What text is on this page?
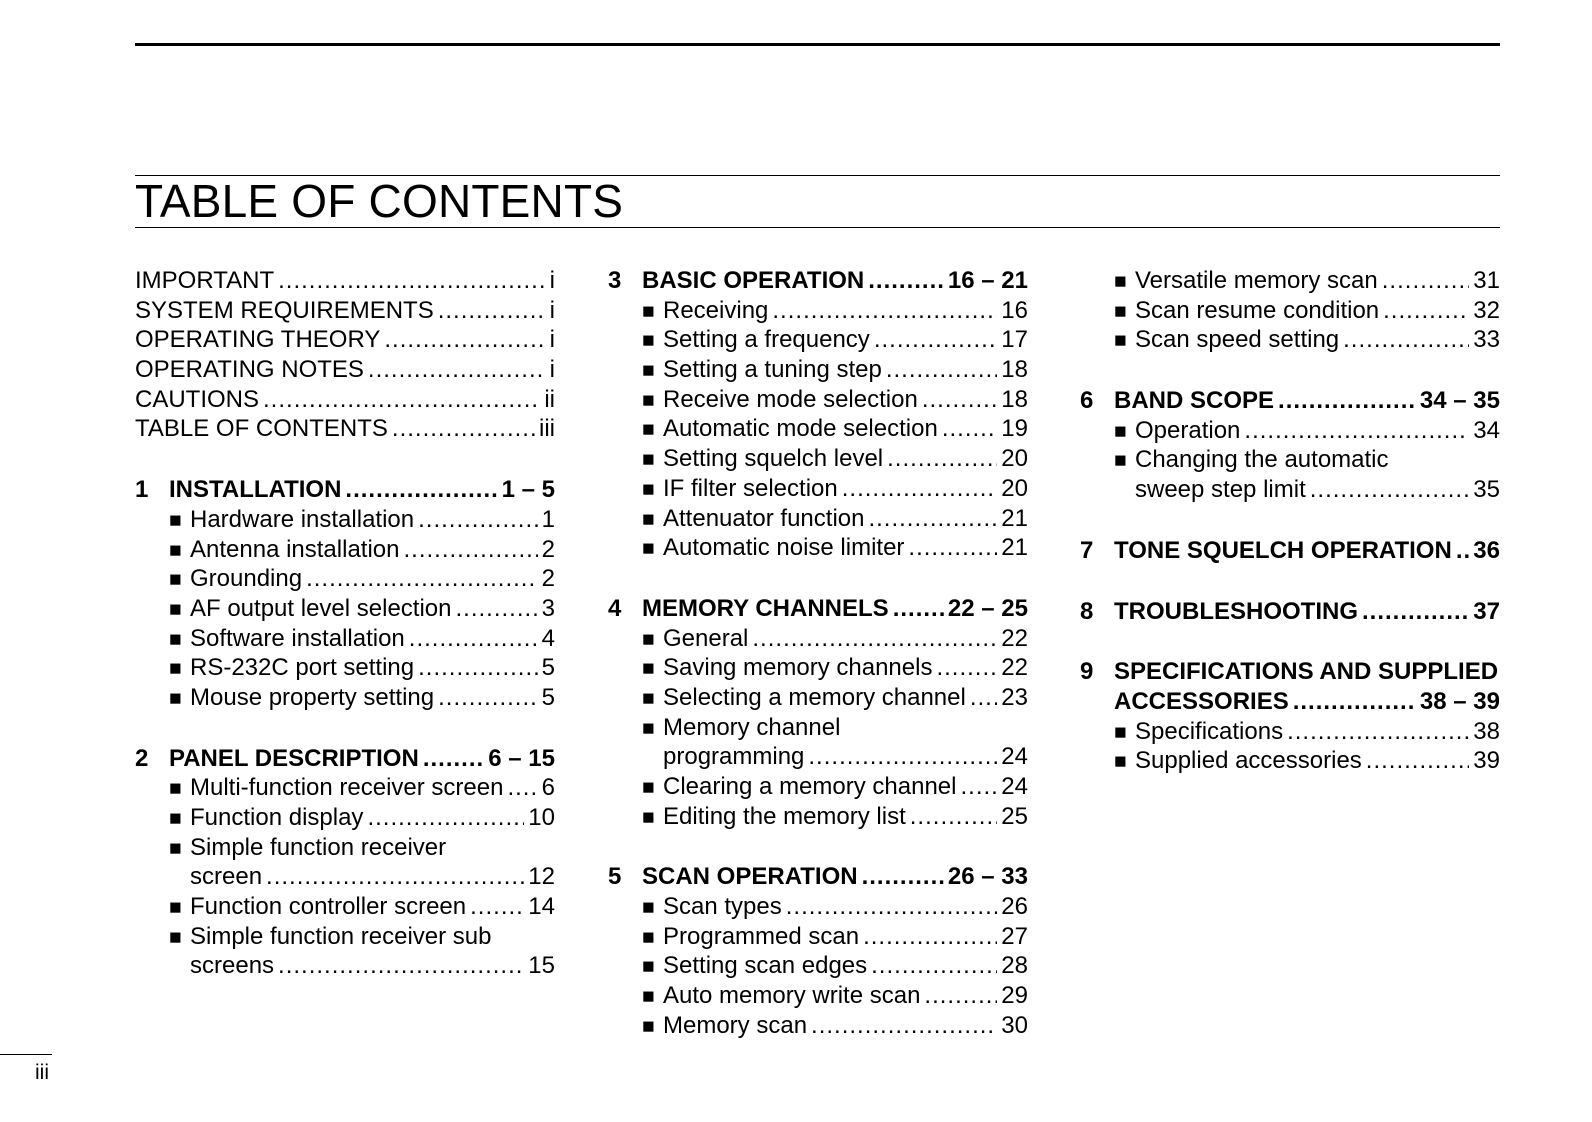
TABLE OF CONTENTS
IMPORTANT .....	i
SYSTEM REQUIREMENTS .....	i
OPERATING THEORY .....	i
OPERATING NOTES .....	i
CAUTIONS .....	ii
TABLE OF CONTENTS .....	iii
1 INSTALLATION .....	1 – 5
■ Hardware installation .....	1
■ Antenna installation .....	2
■ Grounding .....	2
■ AF output level selection .....	3
■ Software installation .....	4
■ RS-232C port setting .....	5
■ Mouse property setting .....	5
2 PANEL DESCRIPTION .....	6 – 15
■ Multi-function receiver screen ..... 6
■ Function display .....	10
■ Simple function receiver
screen .....	12
■ Function controller screen .....	14
■ Simple function receiver sub
screens .....	15
3 BASIC OPERATION .....	16 – 21
■ Receiving .....	16
■ Setting a frequency .....	17
■ Setting a tuning step .....	18
■ Receive mode selection .....	18
■ Automatic mode selection .....	19
■ Setting squelch level .....	20
■ IF filter selection .....	20
■ Attenuator function .....	21
■ Automatic noise limiter .....	21
4 MEMORY CHANNELS ..... 22 – 25
■ General .....	22
■ Saving memory channels .....	22
■ Selecting a memory channel ..... 23
■ Memory channel
programming .....	24
■ Clearing a memory channel ..... 24
■ Editing the memory list .....	25
5 SCAN OPERATION .....	26 – 33
■ Scan types .....	26
■ Programmed scan .....	27
■ Setting scan edges .....	28
■ Auto memory write scan .....	29
■ Memory scan .....	30
■ Versatile memory scan .....	31
■ Scan resume condition .....	32
■ Scan speed setting .....	33
6 BAND SCOPE .....	34 – 35
■ Operation .....	34
■ Changing the automatic
sweep step limit .....	35
7 TONE SQUELCH OPERATION ..... 36
8 TROUBLESHOOTING .....	37
9 SPECIFICATIONS AND SUPPLIED
ACCESSORIES .....	38 – 39
■ Specifications .....	38
■ Supplied accessories .....	39
iii
